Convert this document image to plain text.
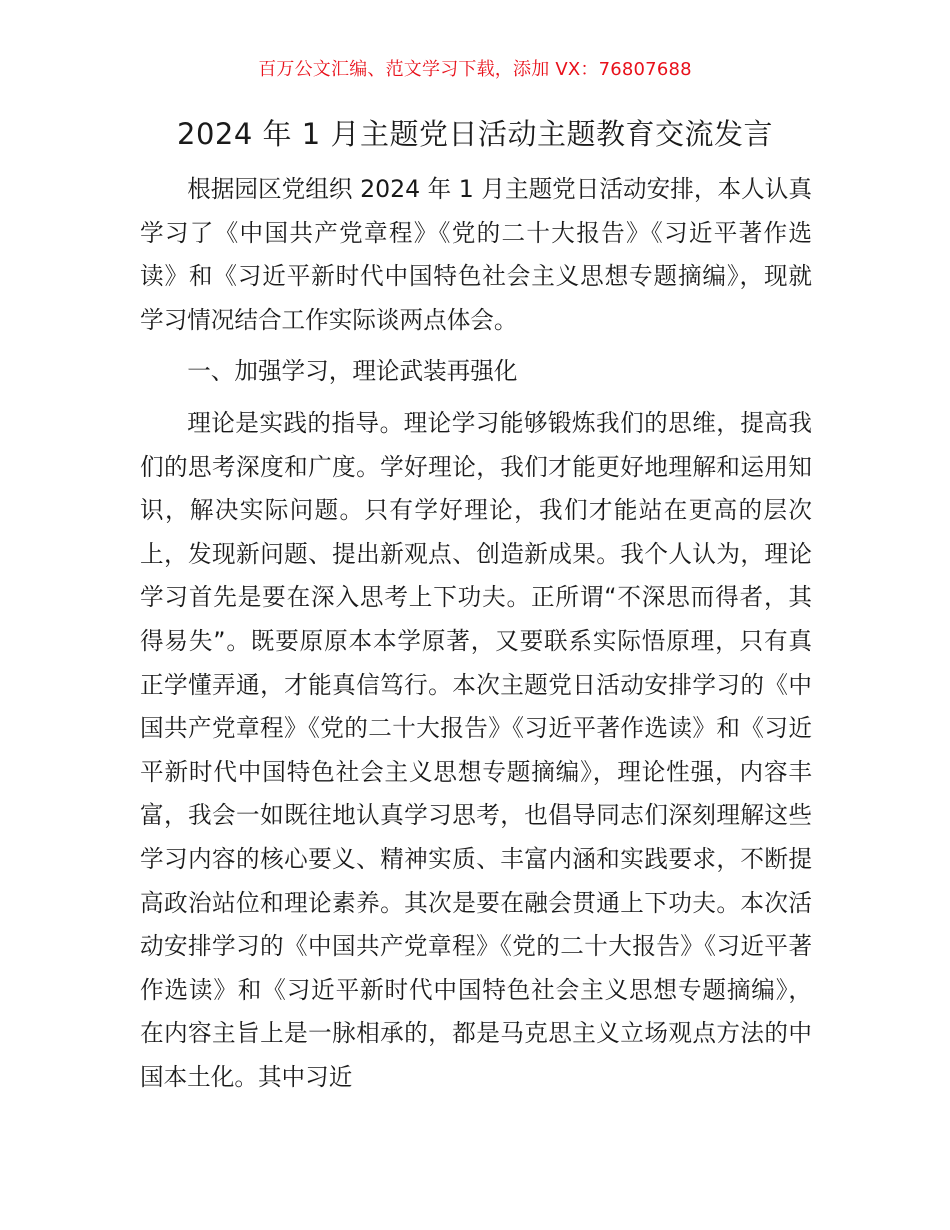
百万公文汇编、范文学习下载，添加 VX：76807688
2024 年 1 月主题党日活动主题教育交流发言

根据园区党组织 2024 年 1 月主题党日活动安排，本人认真学习了《中国共产党章程》《党的二十大报告》《习近平著作选读》和《习近平新时代中国特色社会主义思想专题摘编》，现就学习情况结合工作实际谈两点体会。

一、加强学习，理论武装再强化

理论是实践的指导。理论学习能够锻炼我们的思维，提高我们的思考深度和广度。学好理论，我们才能更好地理解和运用知识，解决实际问题。只有学好理论，我们才能站在更高的层次上，发现新问题、提出新观点、创造新成果。我个人认为，理论学习首先是要在深入思考上下功夫。正所谓“不深思而得者，其得易失”。既要原原本本学原著，又要联系实际悟原理，只有真正学懂弄通，才能真信笃行。本次主题党日活动安排学习的《中国共产党章程》《党的二十大报告》《习近平著作选读》和《习近平新时代中国特色社会主义思想专题摘编》，理论性强，内容丰富，我会一如既往地认真学习思考，也倡导同志们深刻理解这些学习内容的核心要义、精神实质、丰富内涵和实践要求，不断提高政治站位和理论素养。其次是要在融会贯通上下功夫。本次活动安排学习的《中国共产党章程》《党的二十大报告》《习近平著作选读》和《习近平新时代中国特色社会主义思想专题摘编》，在内容主旨上是一脉相承的，都是马克思主义立场观点方法的中国本土化。其中习近
